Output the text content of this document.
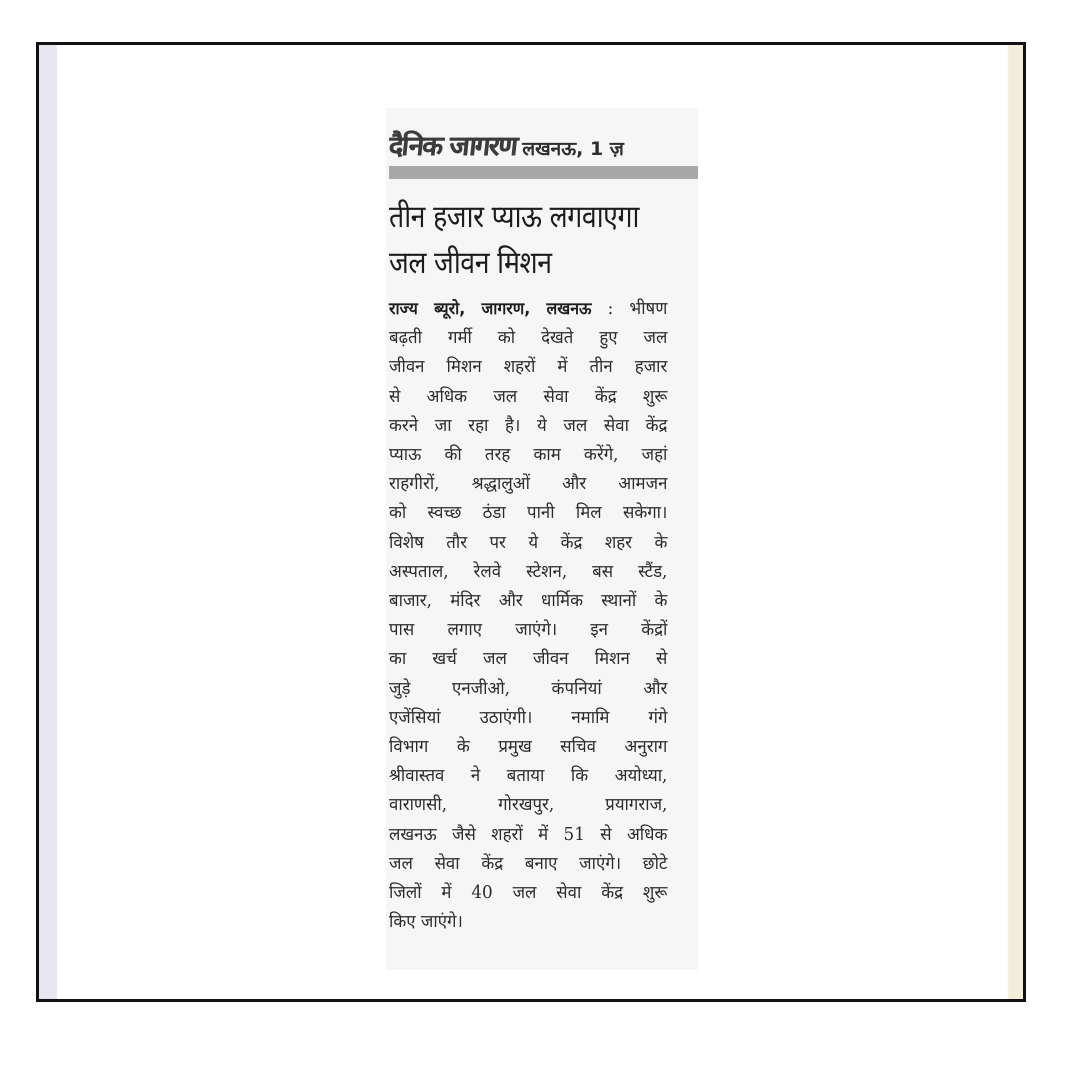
दैनिक जागरण लखनऊ, 1 ज़
तीन हजार प्याऊ लगवाएगा
जल जीवन मिशन
राज्य ब्यूरो, जागरण, लखनऊ : भीषण
बढ़ती गर्मी को देखते हुए जल
जीवन मिशन शहरों में तीन हजार
से अधिक जल सेवा केंद्र शुरू
करने जा रहा है। ये जल सेवा केंद्र
प्याऊ की तरह काम करेंगे, जहां
राहगीरों, श्रद्धालुओं और आमजन
को स्वच्छ ठंडा पानी मिल सकेगा।
विशेष तौर पर ये केंद्र शहर के
अस्पताल, रेलवे स्टेशन, बस स्टैंड,
बाजार, मंदिर और धार्मिक स्थानों के
पास लगाए जाएंगे। इन केंद्रों
का खर्च जल जीवन मिशन से
जुड़े एनजीओ, कंपनियां और
एजेंसियां उठाएंगी। नमामि गंगे
विभाग के प्रमुख सचिव अनुराग
श्रीवास्तव ने बताया कि अयोध्या,
वाराणसी, गोरखपुर, प्रयागराज,
लखनऊ जैसे शहरों में 51 से अधिक
जल सेवा केंद्र बनाए जाएंगे। छोटे
जिलों में 40 जल सेवा केंद्र शुरू
किए जाएंगे।
